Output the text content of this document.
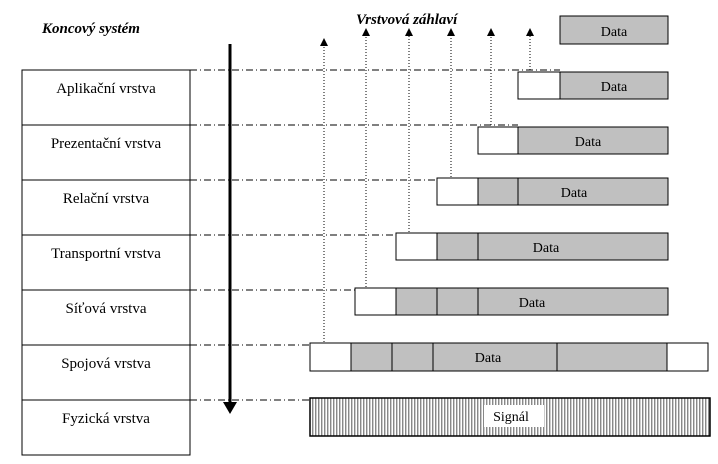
Koncový systém
Vrstvová záhlaví
Aplikační vrstva
Prezentační vrstva
Relační vrstva
Transportní vrstva
Síťová vrstva
Spojová vrstva
Fyzická vrstva
Data
Data
Data
Data
Data
Data
Data
Signál
